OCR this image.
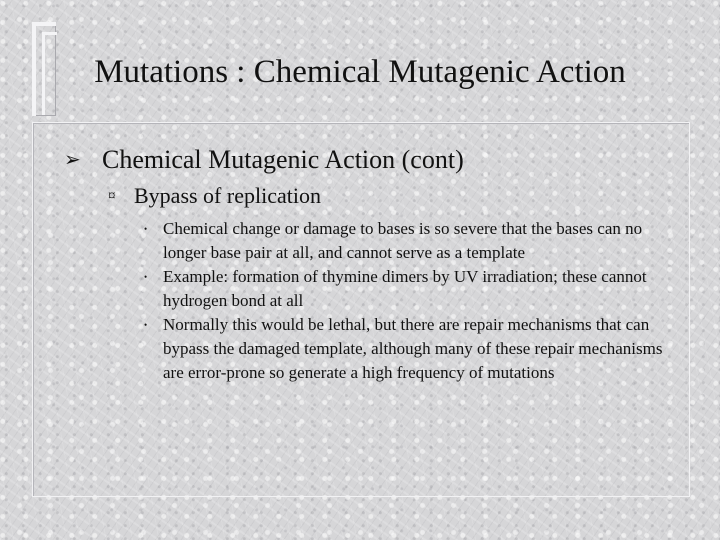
Mutations : Chemical Mutagenic Action
➢ Chemical Mutagenic Action (cont)
¤ Bypass of replication
• Chemical change or damage to bases is so severe that the bases can no longer base pair at all, and cannot serve as a template
• Example: formation of thymine dimers by UV irradiation; these cannot hydrogen bond at all
• Normally this would be lethal, but there are repair mechanisms that can bypass the damaged template, although many of these repair mechanisms are error-prone so generate a high frequency of mutations
